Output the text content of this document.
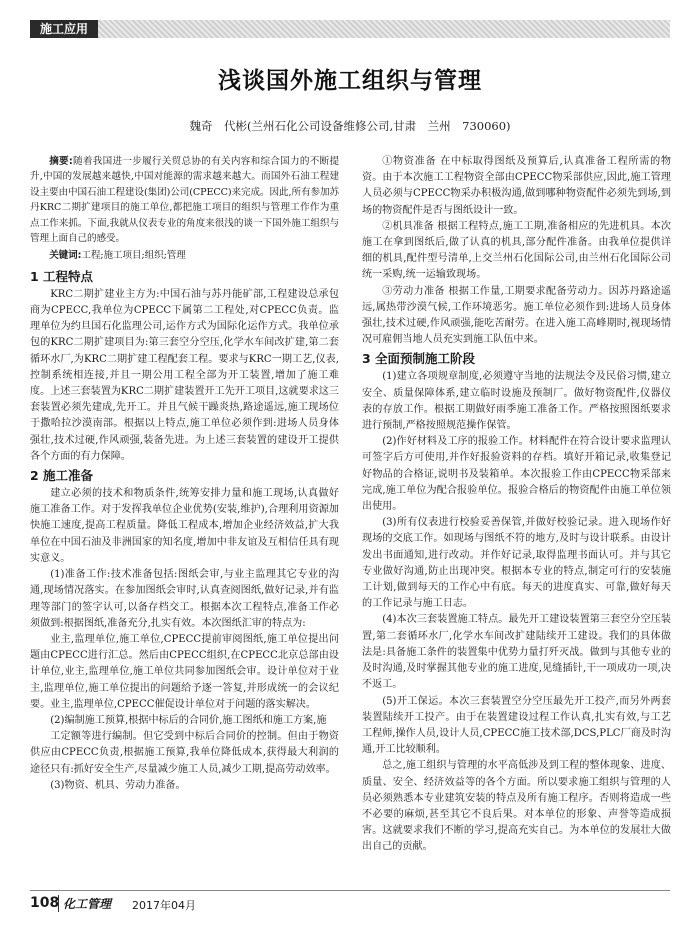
施工应用
浅谈国外施工组织与管理
魏奇　代彬(兰州石化公司设备维修公司,甘肃　兰州　730060)

摘要:随着我国进一步履行关贸总协的有关内容和综合国力的不断提升,中国的发展越来越快,中国对能源的需求越来越大。而国外石油工程建设主要由中国石油工程建设(集团)公司(CPECC)来完成。因此,所有参加苏丹KRC二期扩建项目的施工单位,都把施工项目的组织与管理工作作为重点工作来抓。下面,我就从仪表专业的角度来很浅的谈一下国外施工组织与管理上面自己的感受。

关键词:工程;施工项目;组织;管理

1 工程特点

KRC二期扩建业主方为:中国石油与苏丹能矿部,工程建设总承包商为CPECC,我单位为CPECC下属第二工程处,对CPECC负责。监理单位为约旦国石化监理公司,运作方式为国际化运作方式。我单位承包的KRC二期扩建项目为:第三套空分空压,化学水车间改扩建,第二套循环水厂,为KRC二期扩建工程配套工程。要求与KRC一期工艺,仪表,控制系统相连接,并且一期公用工程全部为开工装置,增加了施工难度。上述三套装置为KRC二期扩建装置开工先开工项目,这就要求这三套装置必须先建成,先开工。并且气候干躁炎热,路途遥远,施工现场位于撒哈拉沙漠南部。根据以上特点,施工单位必须作到:进场人员身体强壮,技术过硬,作风顽强,装备先进。为上述三套装置的建设开工提供各个方面的有力保障。

2 施工准备

建立必须的技术和物质条件,统筹安排力量和施工现场,认真做好施工准备工作。对于发挥我单位企业优势(安装,维护),合理利用资源加快施工速度,提高工程质量。降低工程成本,增加企业经济效益,扩大我单位在中国石油及非洲国家的知名度,增加中非友谊及互相信任具有现实意义。

(1)准备工作:技术准备包括:图纸会审,与业主监理其它专业的沟通,现场情况落实。在参加图纸会审时,认真查阅图纸,做好记录,并有监理等部门的签字认可,以备存档交工。根据本次工程特点,准备工作必须做到:根据图纸,准备充分,扎实有效。本次图纸汇审的特点为:

业主,监理单位,施工单位,CPECC提前审阅图纸,施工单位提出问题由CPECC进行汇总。然后由CPECC组织,在CPECC北京总部由设计单位,业主,监理单位,施工单位共同参加图纸会审。设计单位对于业主,监理单位,施工单位提出的问题给予逐一答复,并形成统一的会议纪要。业主,监理单位,CPECC催促设计单位对于问题的落实解决。

(2)编制施工预算,根据中标后的合同价,施工图纸和施工方案,施

工定额等进行编制。但它受到中标后合同价的控制。但由于物资供应由CPECC负责,根据施工预算,我单位降低成本,获得最大利润的途径只有:抓好安全生产,尽量减少施工人员,减少工期,提高劳动效率。

(3)物资、机具、劳动力准备。

①物资准备 在中标取得图纸及预算后,认真准备工程所需的物资。由于本次施工工程物资全部由CPECC物采部供应,因此,施工管理人员必须与CPECC物采办积极沟通,做到哪种物资配件必须先到场,到场的物资配件是否与图纸设计一致。

②机具准备 根据工程特点,施工工期,准备相应的先进机具。本次施工在拿到图纸后,做了认真的机具,部分配件准备。由我单位提供详细的机具,配件型号清单,上交兰州石化国际公司,由兰州石化国际公司统一采购,统一运输致现场。

③劳动力准备 根据工作量,工期要求配备劳动力。因苏丹路途遥远,属热带沙漠气候,工作环境恶劣。施工单位必须作到:进场人员身体强壮,技术过硬,作风顽强,能吃苦耐劳。在进入施工高峰期时,视现场情况可雇佣当地人员充实到施工队伍中来。

3 全面预制施工阶段

(1)建立各项规章制度,必须遵守当地的法规法令及民俗习惯,建立安全、质量保障体系,建立临时设施及预制厂。做好物资配件,仪器仪表的存放工作。根据工期做好雨季施工准备工作。严格按照图纸要求进行预制,严格按照规范操作保管。

(2)作好材料及工序的报验工作。材料配件在符合设计要求监理认可签字后方可使用,并作好报验资料的存档。填好开箱记录,收集登记好物品的合格证,说明书及装箱单。本次报验工作由CPECC物采部来完成,施工单位为配合报验单位。报验合格后的物资配件由施工单位领出使用。

(3)所有仪表进行校验妥善保管,并做好校验记录。进入现场作好现场的交底工作。如现场与图纸不符的地方,及时与设计联系。由设计发出书面通知,进行改动。并作好记录,取得监理书面认可。并与其它专业做好沟通,防止出现冲突。根据本专业的特点,制定可行的安装施工计划,做到每天的工作心中有底。每天的进度真实、可靠,做好每天的工作记录与施工日志。

(4)本次三套装置施工特点。最先开工建设装置第三套空分空压装置,第二套循环水厂,化学水车间改扩建陆续开工建设。我们的具体做法是:具备施工条件的装置集中优势力量打歼灭战。做到与其他专业的及时沟通,及时掌握其他专业的施工进度,见缝插针,干一项成功一项,决不返工。

(5)开工保运。本次三套装置空分空压最先开工投产,而另外两套装置陆续开工投产。由于在装置建设过程工作认真,扎实有效,与工艺工程师,操作人员,设计人员,CPECC施工技术部,DCS,PLC厂商及时沟通,开工比较顺利。

总之,施工组织与管理的水平高低涉及到工程的整体现象、进度、质量、安全、经济效益等的各个方面。所以要求施工组织与管理的人员必须熟悉本专业建筑安装的特点及所有施工程序。否则将造成一些不必要的麻烦,甚至其它不良后果。对本单位的形象、声誉等造成损害。这就要求我们不断的学习,提高充实自己。为本单位的发展壮大做出自己的贡献。

108 化工管理 2017年04月
